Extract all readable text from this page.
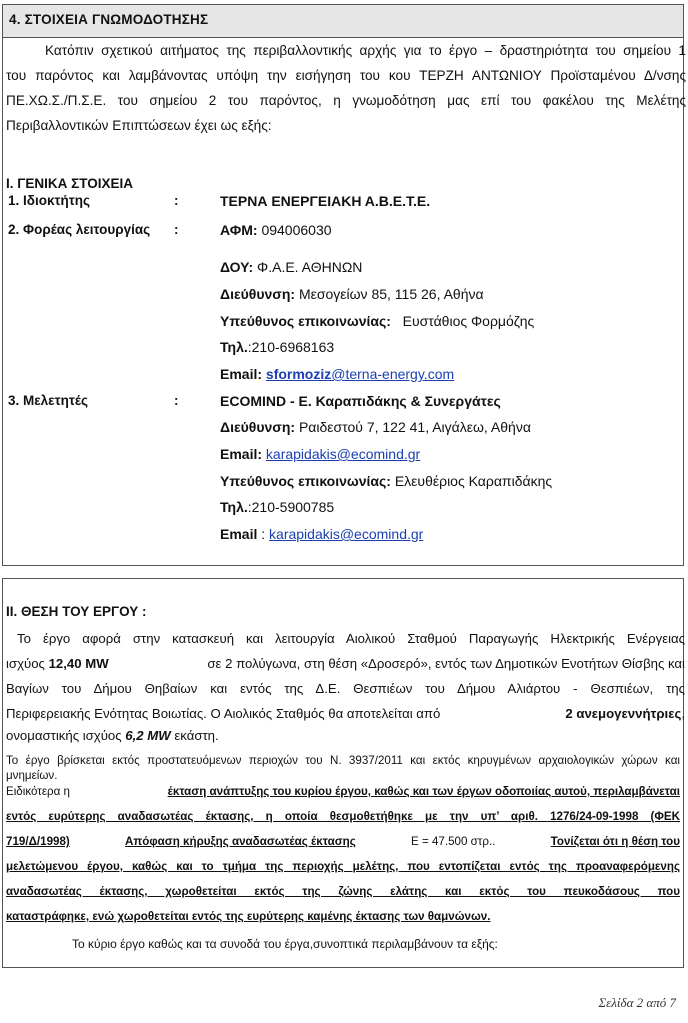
4. ΣΤΟΙΧΕΙΑ ΓΝΩΜΟΔΟΤΗΣΗΣ
Κατόπιν σχετικού αιτήματος της περιβαλλοντικής αρχής για το έργο – δραστηριότητα του σημείου 1
του παρόντος και λαμβάνοντας υπόψη την εισήγηση του κου ΤΕΡΖΗ ΑΝΤΩΝΙΟΥ Προϊσταμένου Δ/νσης
ΠΕ.ΧΩ.Σ./Π.Σ.Ε. του σημείου 2 του παρόντος, η γνωμοδότηση μας επί του φακέλου της Μελέτης
Περιβαλλοντικών Επιπτώσεων έχει ως εξής:
Ι. ΓΕΝΙΚΑ ΣΤΟΙΧΕΙΑ
1. Ιδιοκτήτης	:	ΤΕΡΝΑ ΕΝΕΡΓΕΙΑΚΗ Α.Β.Ε.Τ.Ε.
2. Φορέας λειτουργίας :	ΑΦΜ: 094006030
ΔΟΥ: Φ.Α.Ε. ΑΘΗΝΩΝ
Διεύθυνση: Μεσογείων 85, 115 26, Αθήνα
Υπεύθυνος επικοινωνίας: Ευστάθιος Φορμόζης
Τηλ.:210-6968163
Email: sformoziz@terna-energy.com
3. Μελετητές	:	ECOMIND - Ε. Καραπιδάκης & Συνεργάτες
Διεύθυνση: Ραιδεστού 7, 122 41, Αιγάλεω, Αθήνα
Email: karapidakis@ecomind.gr
Υπεύθυνος επικοινωνίας: Ελευθέριος Καραπιδάκης
Τηλ.:210-5900785
Email : karapidakis@ecomind.gr
ΙΙ. ΘΕΣΗ ΤΟΥ ΕΡΓΟΥ :
Το έργο αφορά στην κατασκευή και λειτουργία Αιολικού Σταθμού Παραγωγής Ηλεκτρικής Ενέργειας
ισχύος 12,40 MW	σε 2 πολύγωνα, στη θέση «Δροσερό», εντός των Δημοτικών Ενοτήτων Θίσβης και
Βαγίων του Δήμου Θηβαίων και εντός της Δ.Ε. Θεσπιέων του Δήμου Αλιάρτου - Θεσπιέων, της
Περιφερειακής Ενότητας Βοιωτίας. Ο Αιολικός Σταθμός θα αποτελείται από	2 ανεμογεννήτριες,
ονομαστικής ισχύος 6,2 MW εκάστη.
Το έργο βρίσκεται εκτός προστατευόμενων περιοχών του Ν. 3937/2011 και εκτός κηρυγμένων αρχαιολογικών χώρων και
μνημείων.
Ειδικότερα η	έκταση ανάπτυξης του κυρίου έργου, καθώς και των έργων οδοποιίας αυτού, περιλαμβάνεται
εντός ευρύτερης αναδασωτέας έκτασης, η οποία θεσμοθετήθηκε με την υπ’ αριθ. 1276/24-09-1998 (ΦΕΚ
719/Δ/1998)	Απόφαση κήρυξης αναδασωτέας έκτασης	Ε = 47.500 στρ..	Τονίζεται ότι η θέση του
μελετώμενου έργου, καθώς και το τμήμα της περιοχής μελέτης, που εντοπίζεται εντός της προαναφερόμενης
αναδασωτέας έκτασης, χωροθετείται εκτός της ζώνης ελάτης και εκτός του πευκοδάσους που
καταστράφηκε, ενώ χωροθετείται εντός της ευρύτερης καμένης έκτασης των θαμνώνων.
Το κύριο έργο καθώς και τα συνοδά του έργα,συνοπτικά περιλαμβάνουν τα εξής:
Σελίδα 2 από 7
